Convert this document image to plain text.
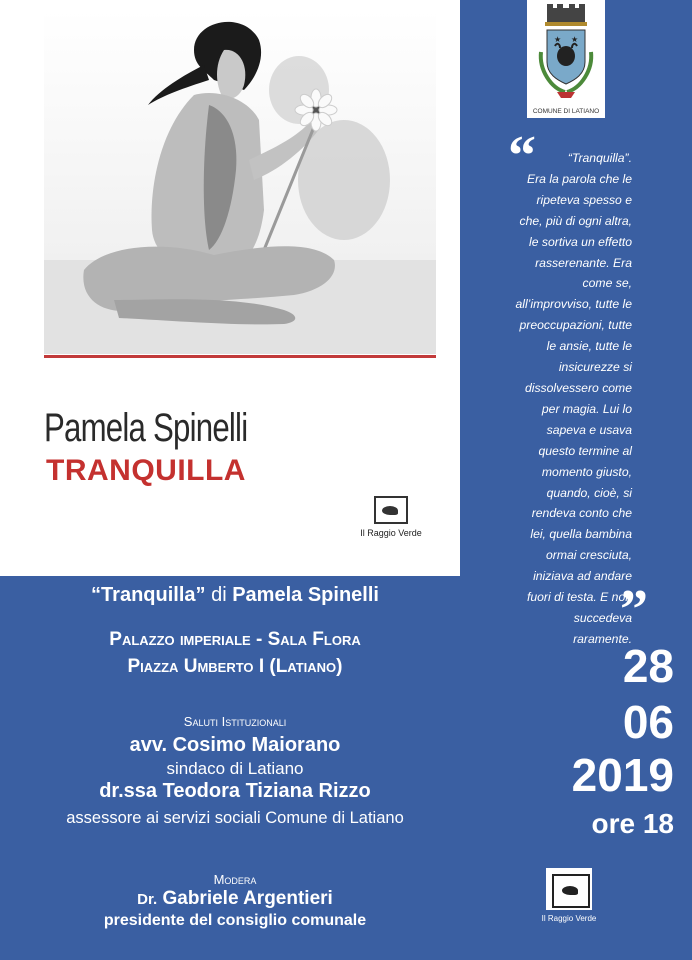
Pamela Spinelli
TRANQUILLA
Il Raggio Verde
★ ★
COMUNE DI LATIANO
“	“Tranquilla”.
Era la parola che le
ripeteva spesso e
che, più di ogni altra,
le sortiva un effetto
rasserenante. Era
come se,
all’improvviso, tutte le
preoccupazioni, tutte
le ansie, tutte le
insicurezze si
dissolvessero come
per magia. Lui lo
sapeva e usava
questo termine al
momento giusto,
quando, cioè, si
rendeva conto che
lei, quella bambina
ormai cresciuta,
iniziava ad andare
fuori di testa. E non
succedeva
raramente.
”
“Tranquilla” di Pamela Spinelli
Palazzo imperiale - Sala Flora
Piazza Umberto I (Latiano)
Saluti Istituzionali
avv. Cosimo Maiorano
sindaco di Latiano
dr.ssa Teodora Tiziana Rizzo
assessore ai servizi sociali Comune di Latiano
Modera
Dr. Gabriele Argentieri
presidente del consiglio comunale
28
06
2019
ore 18
Il Raggio Verde
